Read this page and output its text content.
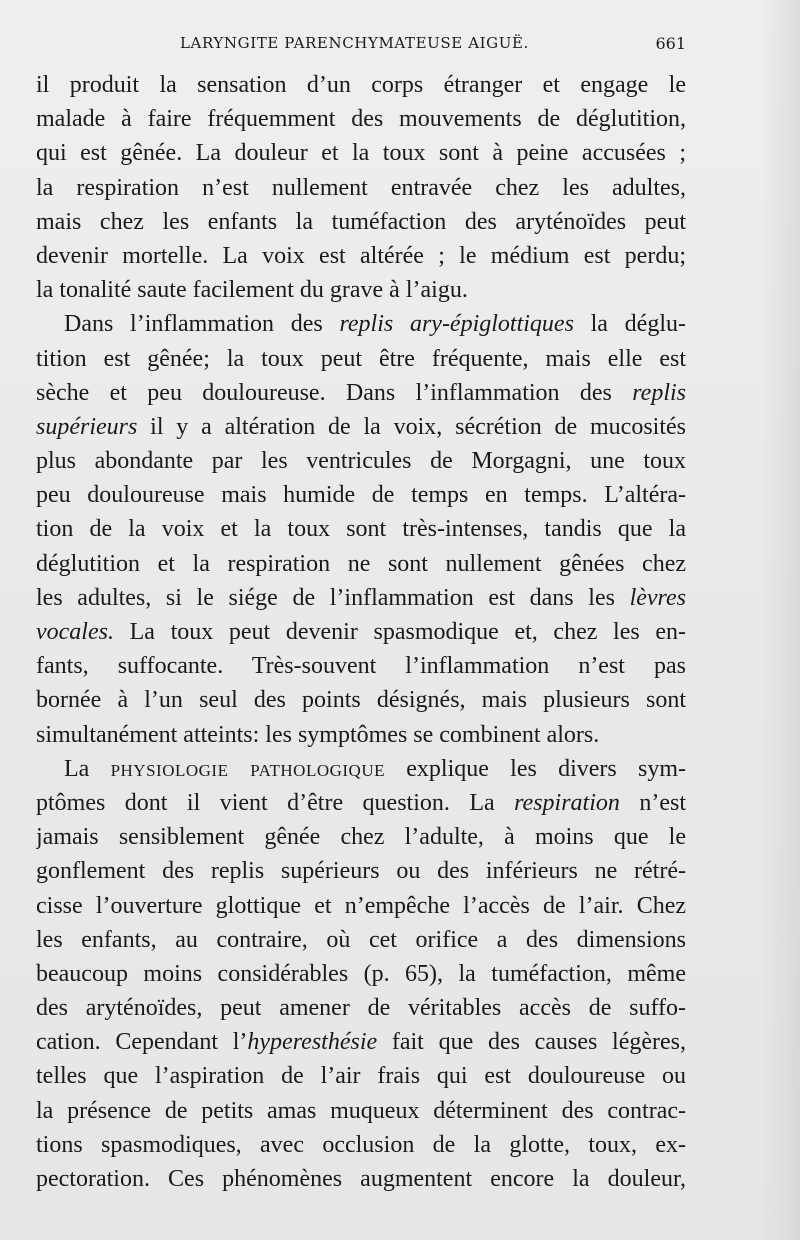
LARYNGITE PARENCHYMATEUSE AIGUË.	661
il produit la sensation d’un corps étranger et engage le
malade à faire fréquemment des mouvements de déglutition,
qui est gênée. La douleur et la toux sont à peine accusées ;
la respiration n’est nullement entravée chez les adultes,
mais chez les enfants la tuméfaction des aryténoïdes peut
devenir mortelle. La voix est altérée ; le médium est perdu;
la tonalité saute facilement du grave à l’aigu.
Dans l’inflammation des replis ary-épiglottiques la déglu-
tition est gênée; la toux peut être fréquente, mais elle est
sèche et peu douloureuse. Dans l’inflammation des replis
supérieurs il y a altération de la voix, sécrétion de mucosités
plus abondante par les ventricules de Morgagni, une toux
peu douloureuse mais humide de temps en temps. L’altéra-
tion de la voix et la toux sont très-intenses, tandis que la
déglutition et la respiration ne sont nullement gênées chez
les adultes, si le siége de l’inflammation est dans les lèvres
vocales. La toux peut devenir spasmodique et, chez les en-
fants, suffocante. Très-souvent l’inflammation n’est pas
bornée à l’un seul des points désignés, mais plusieurs sont
simultanément atteints: les symptômes se combinent alors.
La physiologie pathologique explique les divers sym-
ptômes dont il vient d’être question. La respiration n’est
jamais sensiblement gênée chez l’adulte, à moins que le
gonflement des replis supérieurs ou des inférieurs ne rétré-
cisse l’ouverture glottique et n’empêche l’accès de l’air. Chez
les enfants, au contraire, où cet orifice a des dimensions
beaucoup moins considérables (p. 65), la tuméfaction, même
des aryténoïdes, peut amener de véritables accès de suffo-
cation. Cependant l’hyperesthésie fait que des causes légères,
telles que l’aspiration de l’air frais qui est douloureuse ou
la présence de petits amas muqueux déterminent des contrac-
tions spasmodiques, avec occlusion de la glotte, toux, ex-
pectoration. Ces phénomènes augmentent encore la douleur,
